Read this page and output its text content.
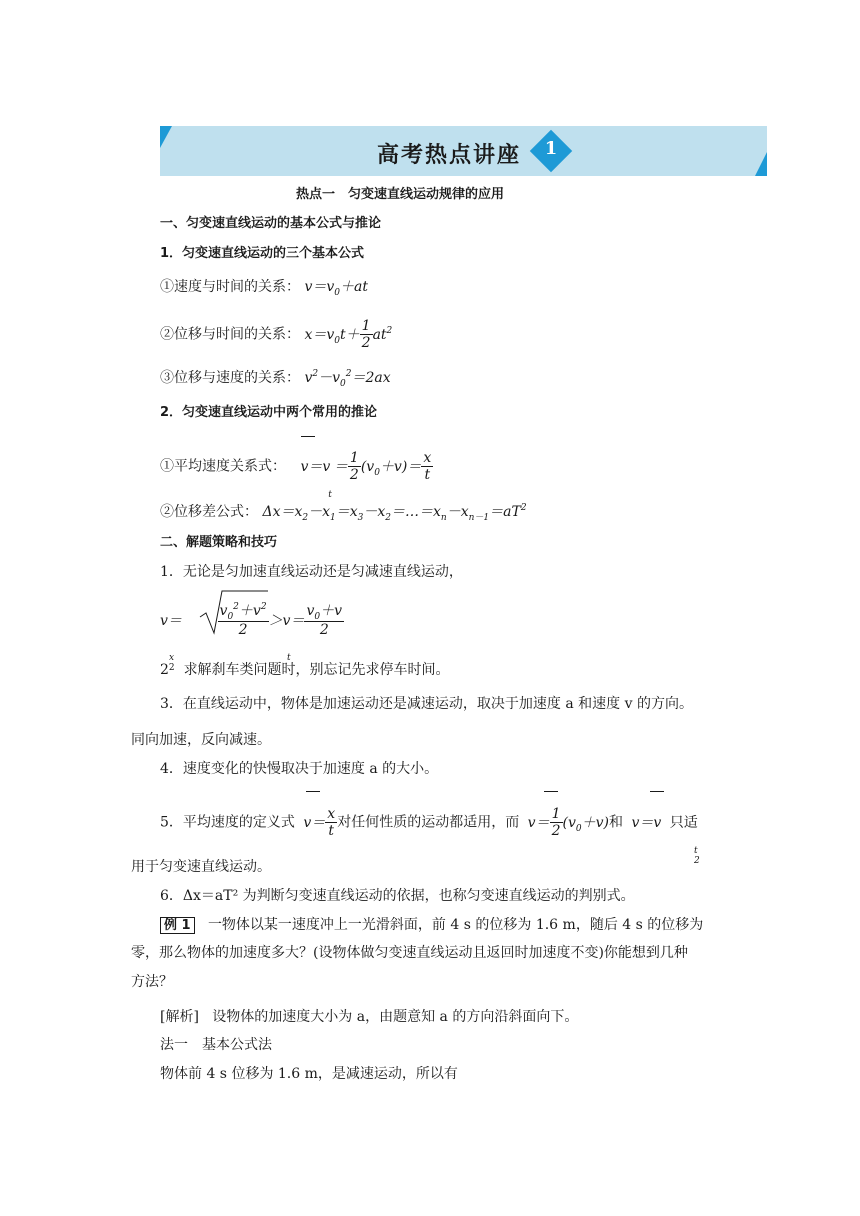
高考热点讲座	1
热点一　匀变速直线运动规律的应用
一、匀变速直线运动的基本公式与推论
1．匀变速直线运动的三个基本公式
①速度与时间的关系： $v=v_0+at$
②位移与时间的关系： $x=v_0t+ \frac{1}{2} at^2$
③位移与速度的关系： $v^2-v_0^2=2ax$
2．匀变速直线运动中两个常用的推论
①平均速度关系式： $v=v_t= \frac{1}{2} (v_0+v)= \frac{x}{t}$
②位移差公式： $\Delta x=x_2-x_1=x_3-x_2=\dots=x_n-x_{n-1}=aT^2$
二、解题策略和技巧
1．无论是匀加速直线运动还是匀减速直线运动，
$v= \frac{v_0^2+v^2}{2} >v= \frac{v_0+v}{2}$
x	t
$2^2$ 求解刹车类问题时，别忘记先求停车时间。
3．在直线运动中，物体是加速运动还是减速运动，取决于加速度 a 和速度 v 的方向。
同向加速，反向减速。
4．速度变化的快慢取决于加速度 a 的大小。
5．平均速度的定义式 $v= \frac{x}{t}$ 对任何性质的运动都适用，而 $v= \frac{1}{2} (v_0+v)$和 v＝v 只适
用于匀变速直线运动。
t
2
6．Δx＝aT² 为判断匀变速直线运动的依据，也称匀变速直线运动的判别式。
例 1 一物体以某一速度冲上一光滑斜面，前 4 s 的位移为 1.6 m，随后 4 s 的位移为
零，那么物体的加速度多大？(设物体做匀变速直线运动且返回时加速度不变)你能想到几种
方法？
[解析] 设物体的加速度大小为 a，由题意知 a 的方向沿斜面向下。
法一　基本公式法
物体前 4 s 位移为 1.6 m，是减速运动，所以有
